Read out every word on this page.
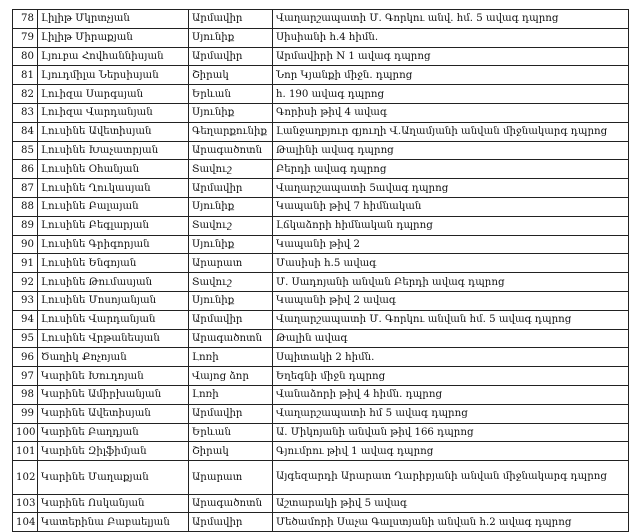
78	Լիլիթ Մկրտչյան	Արմավիր	Վաղարշապատի Մ. Գորկու անվ. հմ. 5 ավագ դպրոց
79	Լիլիթ Միրաքյան	Սյունիք	Սիսիանի հ.4 հիմն.
80	Լյուբա Հովհաննիսյան	Արմավիր	Արմավիրի N 1 ավագ դպրոց
81	Լյուդմիլա Ներսիսյան	Շիրակ	Նոր Կյանքի միջն. դպրոց
82	Լուիզա Սարգսյան	Երևան	հ. 190 ավագ դպրոց
83	Լուիզա Վարդանյան	Սյունիք	Գորիսի թիվ 4 ավագ
84	Լուսինե Ավետիսյան	Գեղարքունիք	Լանջաղբյուր գյուղի Վ.Աղամյանի անվան միջնակարգ դպրոց
85	Լուսինե Խաչատրյան	Արագածոտն	Թալինի ավագ դպրոց
86	Լուսինե Օհանյան	Տավուշ	Բերդի ավագ դպրոց
87	Լուսինե Ղուկասյան	Արմավիր	Վաղարշապատի 5ավագ դպրոց
88	Լուսինե Բալայան	Սյունիք	Կապանի թիվ 7 հիմնական
89	Լուսինե Բեգլարյան	Տավուշ	Լճկաձորի հիմնական դպրոց
90	Լուսինե Գրիգորյան	Սյունիք	Կապանի թիվ 2
91	Լուսինե Ենգոյան	Արարատ	Մասիսի հ.5 ավագ
92	Լուսինե Թումասյան	Տավուշ	Մ. Սադոյանի անվան Բերդի ավագ դպրոց
93	Լուսինե Մոսոյանյան	Սյունիք	Կապանի թիվ 2 ավագ
94	Լուսինե Վարդանյան	Արմավիր	Վաղարշապատի Մ. Գորկու անվան հմ. 5 ավագ դպրոց
95	Լուսինե Վրթանեսյան	Արագածոտն	Թալին ավագ
96	Ծաղիկ Քոչոյան	Լոռի	Սպիտակի 2 հիմն.
97	Կարինե Խուդոյան	Վայոց ձոր	Եղեգնի միջն դպրոց
98	Կարինե Ամիրխանյան	Լոռի	Վանաձորի թիվ 4 հիմն. դպրոց
99	Կարինե Ավետիսյան	Արմավիր	Վաղարշապատի հմ 5 ավագ դպրոց
100	Կարինե Բաղդյան	Երևան	Ա. Միկոյանի անվան թիվ 166 դպրոց
101	Կարինե Զիլֆիմյան	Շիրակ	Գյումրու թիվ 1 ավագ դպրոց
102	Կարինե Մաղաքյան	Արարատ	Այգեզարդի Արարատ Ղարիբյանի անվան միջնակարգ դպրոց
103	Կարինե Ոսկանյան	Արագածոտն	Աշտարակի թիվ 5 ավագ
104	Կատերինա Բաբաելյան	Արմավիր	Մեծամորի Սաչա Գալստյանի անվան հ.2 ավագ դպրոց
